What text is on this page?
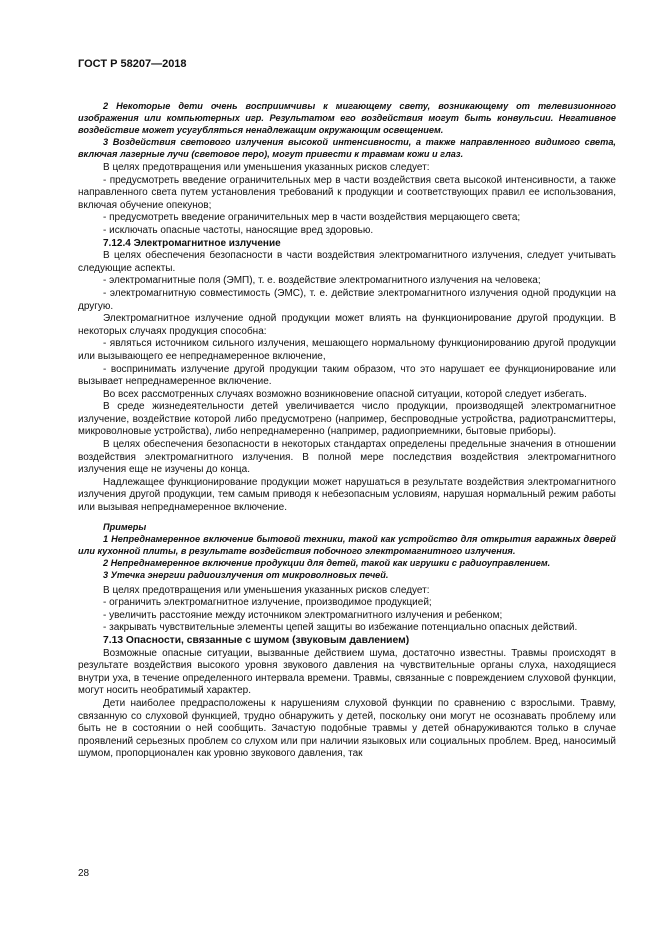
ГОСТ Р 58207—2018

2 Некоторые дети очень восприимчивы к мигающему свету, возникающему от телевизионного изображения или компьютерных игр. Результатом его воздействия могут быть конвульсии. Негативное воздействие может усугубляться ненадлежащим окружающим освещением.

3 Воздействия светового излучения высокой интенсивности, а также направленного видимого света, включая лазерные лучи (световое перо), могут привести к травмам кожи и глаз.

В целях предотвращения или уменьшения указанных рисков следует:

- предусмотреть введение ограничительных мер в части воздействия света высокой интенсивности, а также направленного света путем установления требований к продукции и соответствующих правил ее использования, включая обучение опекунов;

- предусмотреть введение ограничительных мер в части воздействия мерцающего света;

- исключать опасные частоты, наносящие вред здоровью.

7.12.4 Электромагнитное излучение

В целях обеспечения безопасности в части воздействия электромагнитного излучения, следует учитывать следующие аспекты.

- электромагнитные поля (ЭМП), т. е. воздействие электромагнитного излучения на человека;

- электромагнитную совместимость (ЭМС), т. е. действие электромагнитного излучения одной продукции на другую.

Электромагнитное излучение одной продукции может влиять на функционирование другой продукции. В некоторых случаях продукция способна:

- являться источником сильного излучения, мешающего нормальному функционированию другой продукции или вызывающего ее непреднамеренное включение,

- воспринимать излучение другой продукции таким образом, что это нарушает ее функционирование или вызывает непреднамеренное включение.

Во всех рассмотренных случаях возможно возникновение опасной ситуации, которой следует избегать.

В среде жизнедеятельности детей увеличивается число продукции, производящей электромагнитное излучение, воздействие которой либо предусмотрено (например, беспроводные устройства, радиотрансмиттеры, микроволновые устройства), либо непреднамеренно (например, радиоприемники, бытовые приборы).

В целях обеспечения безопасности в некоторых стандартах определены предельные значения в отношении воздействия электромагнитного излучения. В полной мере последствия воздействия электромагнитного излучения еще не изучены до конца.

Надлежащее функционирование продукции может нарушаться в результате воздействия электромагнитного излучения другой продукции, тем самым приводя к небезопасным условиям, нарушая нормальный режим работы или вызывая непреднамеренное включение.

Примеры

1 Непреднамеренное включение бытовой техники, такой как устройство для открытия гаражных дверей или кухонной плиты, в результате воздействия побочного электромагнитного излучения.

2 Непреднамеренное включение продукции для детей, такой как игрушки с радиоуправлением.

3 Утечка энергии радиоизлучения от микроволновых печей.

В целях предотвращения или уменьшения указанных рисков следует:

- ограничить электромагнитное излучение, производимое продукцией;

- увеличить расстояние между источником электромагнитного излучения и ребенком;

- закрывать чувствительные элементы цепей защиты во избежание потенциально опасных действий.

7.13 Опасности, связанные с шумом (звуковым давлением)

Возможные опасные ситуации, вызванные действием шума, достаточно известны. Травмы происходят в результате воздействия высокого уровня звукового давления на чувствительные органы слуха, находящиеся внутри уха, в течение определенного интервала времени. Травмы, связанные с повреждением слуховой функции, могут носить необратимый характер.

Дети наиболее предрасположены к нарушениям слуховой функции по сравнению с взрослыми. Травму, связанную со слуховой функцией, трудно обнаружить у детей, поскольку они могут не осознавать проблему или быть не в состоянии о ней сообщить. Зачастую подобные травмы у детей обнаруживаются только в случае проявлений серьезных проблем со слухом или при наличии языковых или социальных проблем. Вред, наносимый шумом, пропорционален как уровню звукового давления, так

28
